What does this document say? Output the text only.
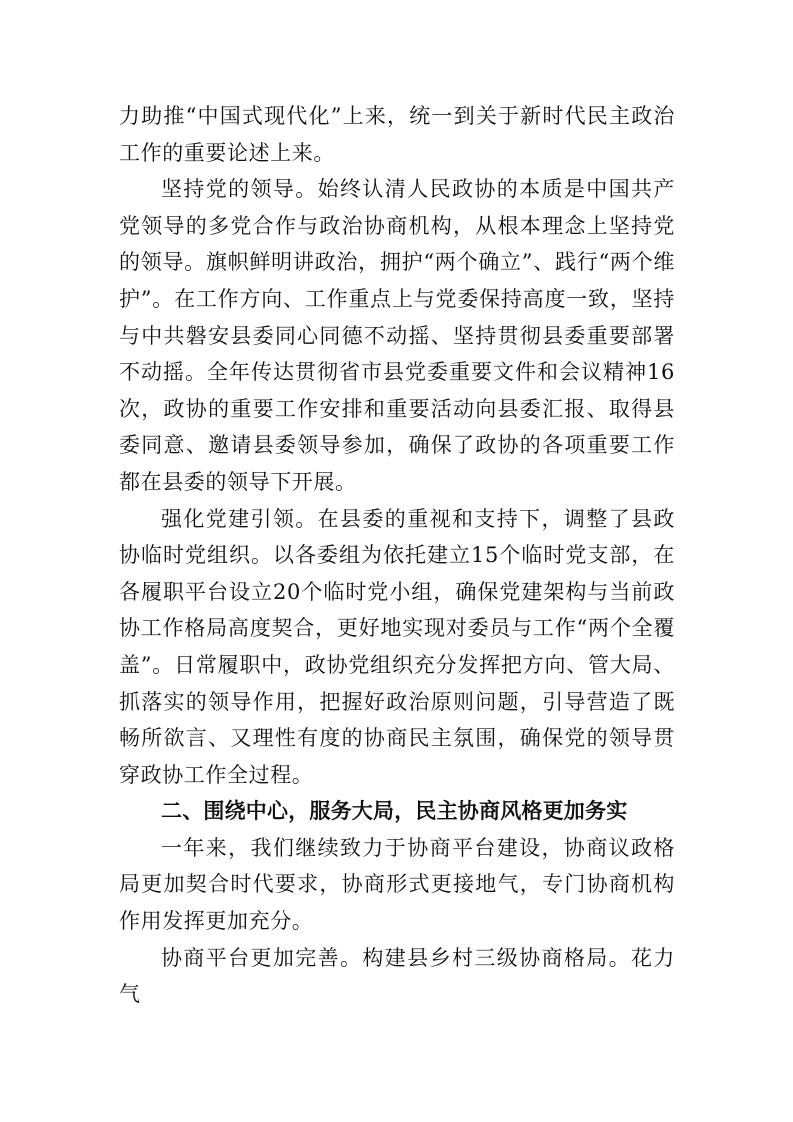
力助推“中国式现代化”上来，统一到关于新时代民主政治工作的重要论述上来。

坚持党的领导。始终认清人民政协的本质是中国共产党领导的多党合作与政治协商机构，从根本理念上坚持党的领导。旗帜鲜明讲政治，拥护“两个确立”、践行“两个维护”。在工作方向、工作重点上与党委保持高度一致，坚持与中共磐安县委同心同德不动摇、坚持贯彻县委重要部署不动摇。全年传达贯彻省市县党委重要文件和会议精神16次，政协的重要工作安排和重要活动向县委汇报、取得县委同意、邀请县委领导参加，确保了政协的各项重要工作都在县委的领导下开展。

强化党建引领。在县委的重视和支持下，调整了县政协临时党组织。以各委组为依托建立15个临时党支部，在各履职平台设立20个临时党小组，确保党建架构与当前政协工作格局高度契合，更好地实现对委员与工作“两个全覆盖”。日常履职中，政协党组织充分发挥把方向、管大局、抓落实的领导作用，把握好政治原则问题，引导营造了既畅所欲言、又理性有度的协商民主氛围，确保党的领导贯穿政协工作全过程。

二、围绕中心，服务大局，民主协商风格更加务实

一年来，我们继续致力于协商平台建设，协商议政格局更加契合时代要求，协商形式更接地气，专门协商机构作用发挥更加充分。

协商平台更加完善。构建县乡村三级协商格局。花力气
